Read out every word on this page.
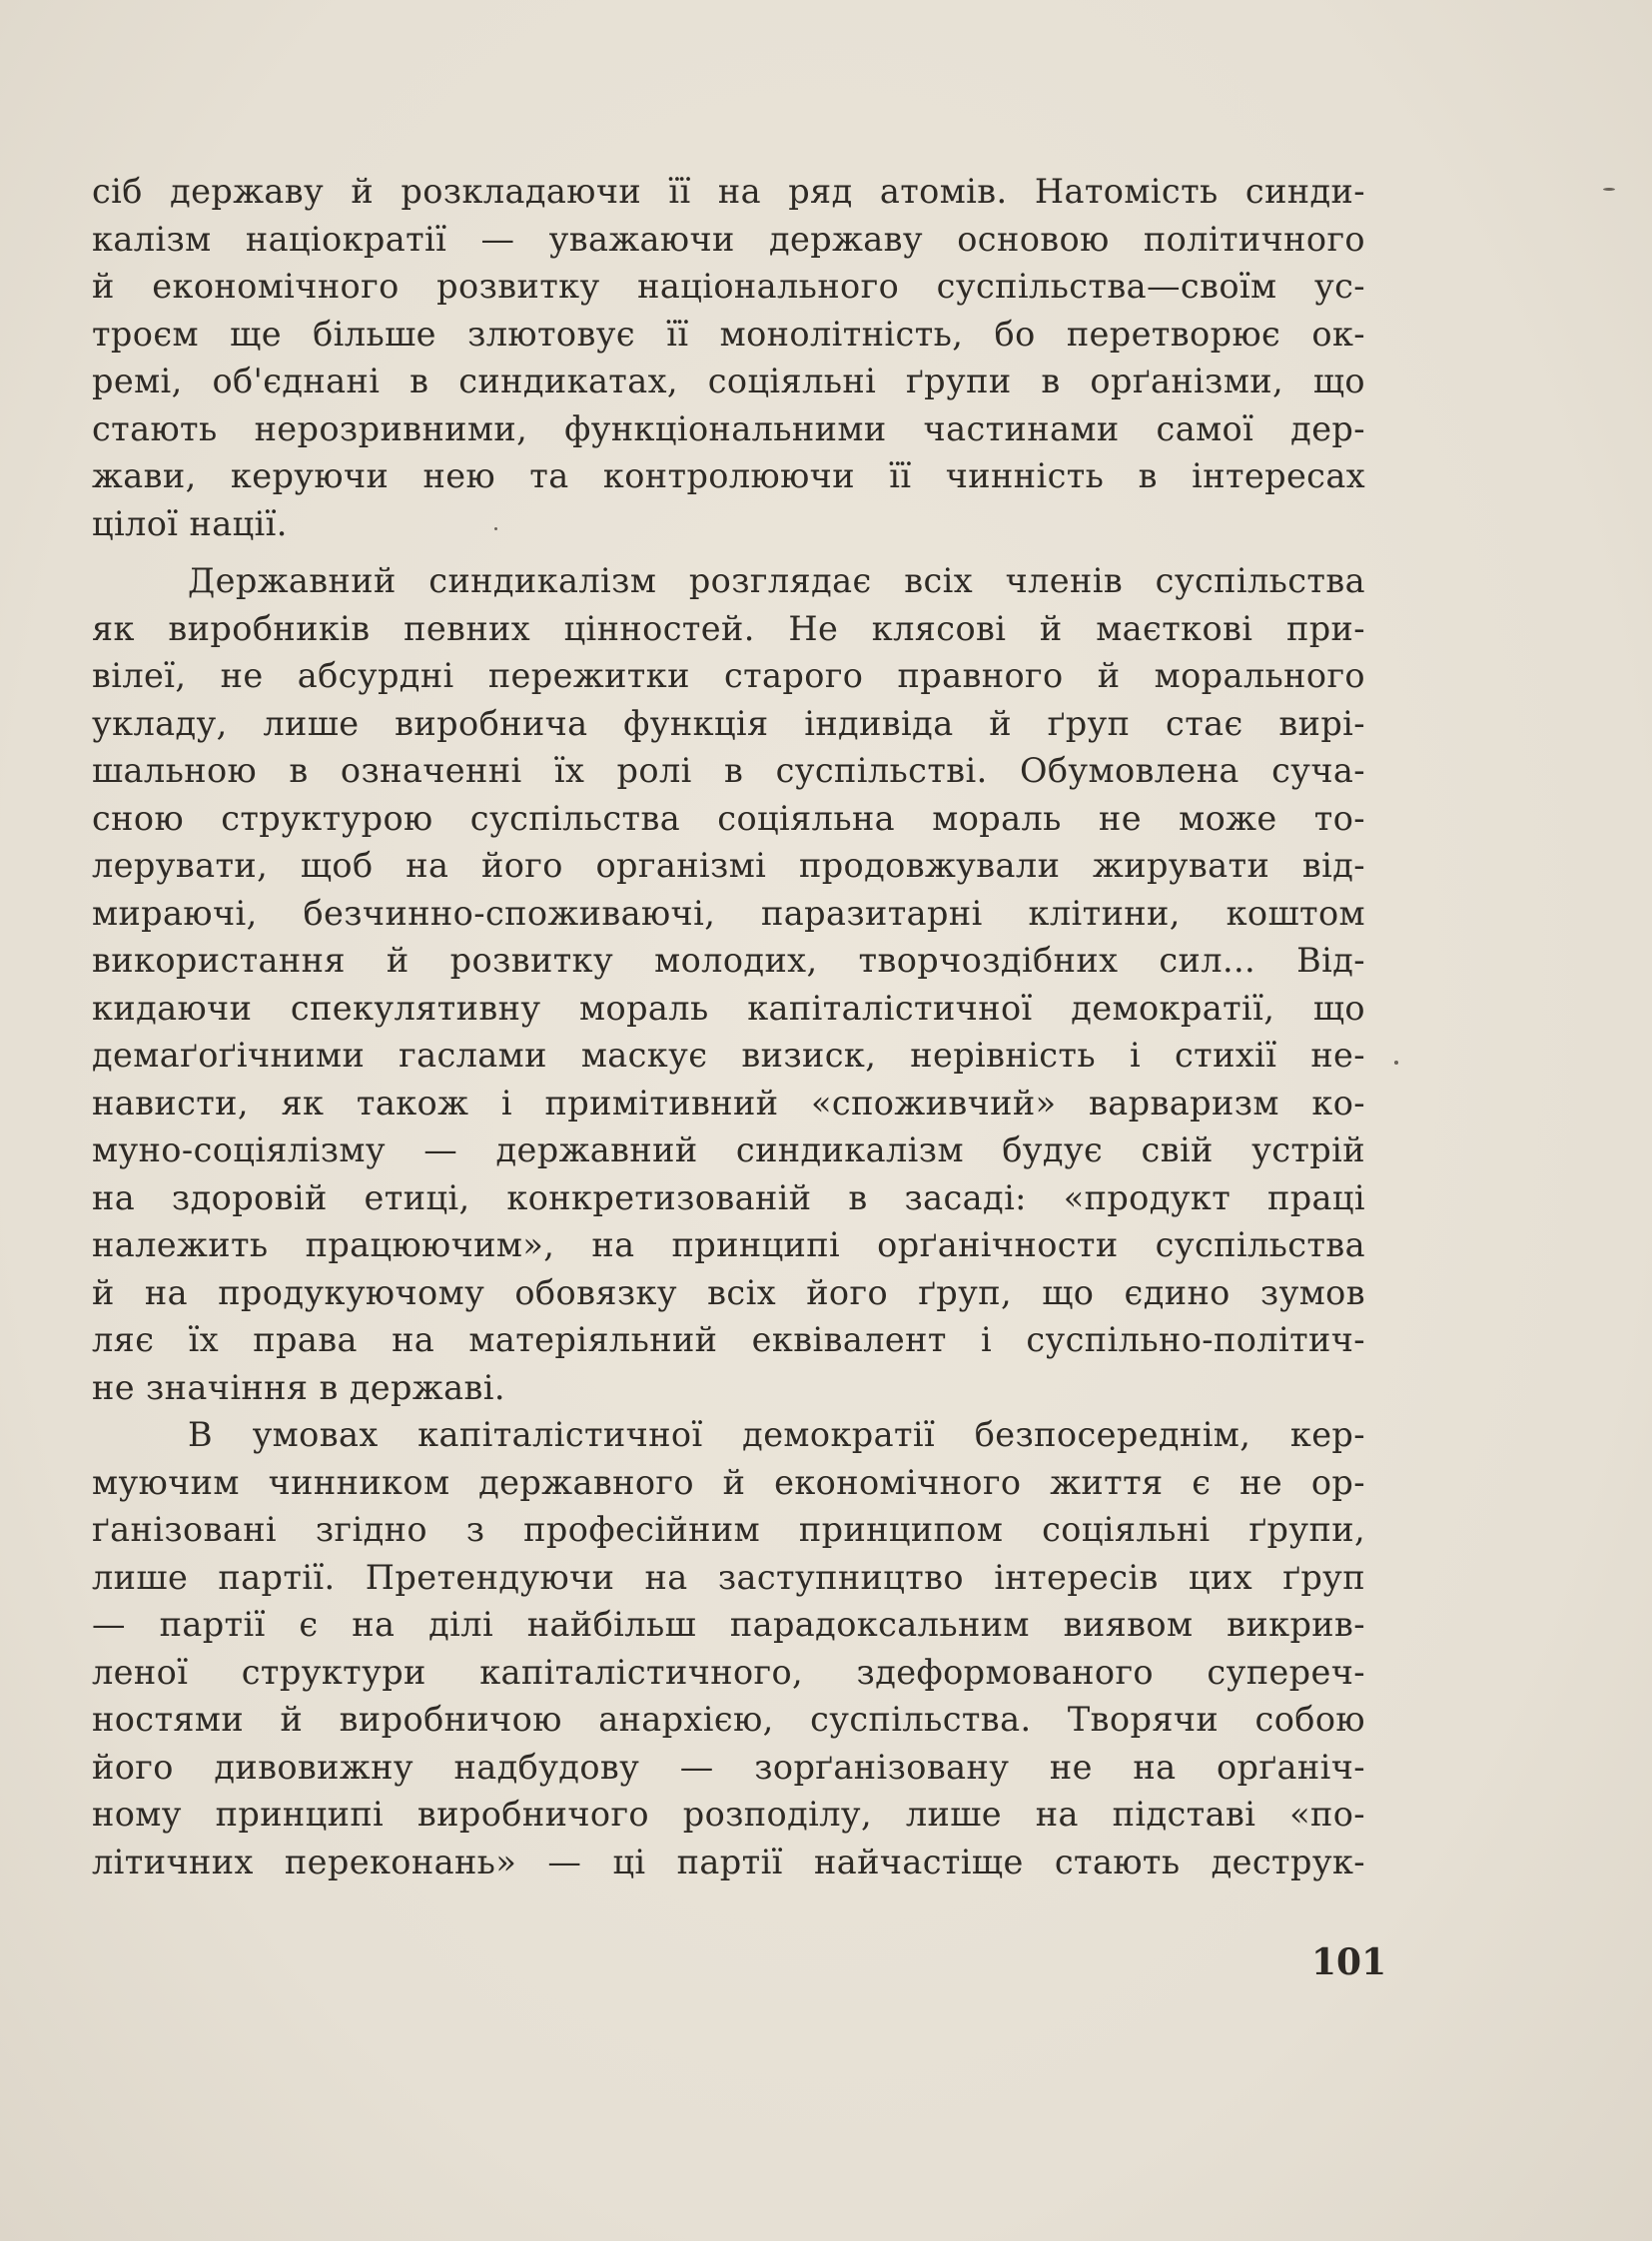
сіб державу й розкладаючи її на ряд атомів. Натомість синди-
калізм націократії — уважаючи державу основою політичного
й економічного розвитку національного суспільства—своїм ус-
троєм ще більше злютовує її монолітність, бо перетворює ок-
ремі, об'єднані в синдикатах, соціяльні ґрупи в орґанізми, що
стають нерозривними, функціональними частинами самої дер-
жави, керуючи нею та контролюючи її чинність в інтересах
цілої нації.
Державний синдикалізм розглядає всіх членів суспільства
як виробників певних цінностей. Не клясові й маєткові при-
вілеї, не абсурдні пережитки старого правного й морального
укладу, лише виробнича функція індивіда й ґруп стає вирі-
шальною в означенні їх ролі в суспільстві. Обумовлена суча-
сною структурою суспільства соціяльна мораль не може то-
лерувати, щоб на його організмі продовжували жирувати від-
мираючі, безчинно-споживаючі, паразитарні клітини, коштом
використання й розвитку молодих, творчоздібних сил... Від-
кидаючи спекулятивну мораль капіталістичної демократії, що
демаґоґічними гаслами маскує визиск, нерівність і стихії не-
нависти, як також і примітивний «споживчий» варваризм ко-
муно-соціялізму — державний синдикалізм будує свій устрій
на здоровій етиці, конкретизованій в засаді: «продукт праці
належить працюючим», на принципі орґанічности суспільства
й на продукуючому обовязку всіх його ґруп, що єдино зумов
ляє їх права на матеріяльний еквівалент і суспільно-політич-
не значіння в державі.
В умовах капіталістичної демократії безпосереднім, кер-
муючим чинником державного й економічного життя є не ор-
ґанізовані згідно з професійним принципом соціяльні ґрупи,
лише партії. Претендуючи на заступництво інтересів цих ґруп
— партії є на ділі найбільш парадоксальним виявом викрив-
леної структури капіталістичного, здеформованого супереч-
ностями й виробничою анархією, суспільства. Творячи собою
його дивовижну надбудову — зорґанізовану не на орґаніч-
ному принципі виробничого розподілу, лише на підставі «по-
літичних переконань» — ці партії найчастіще стають деструк-
101
